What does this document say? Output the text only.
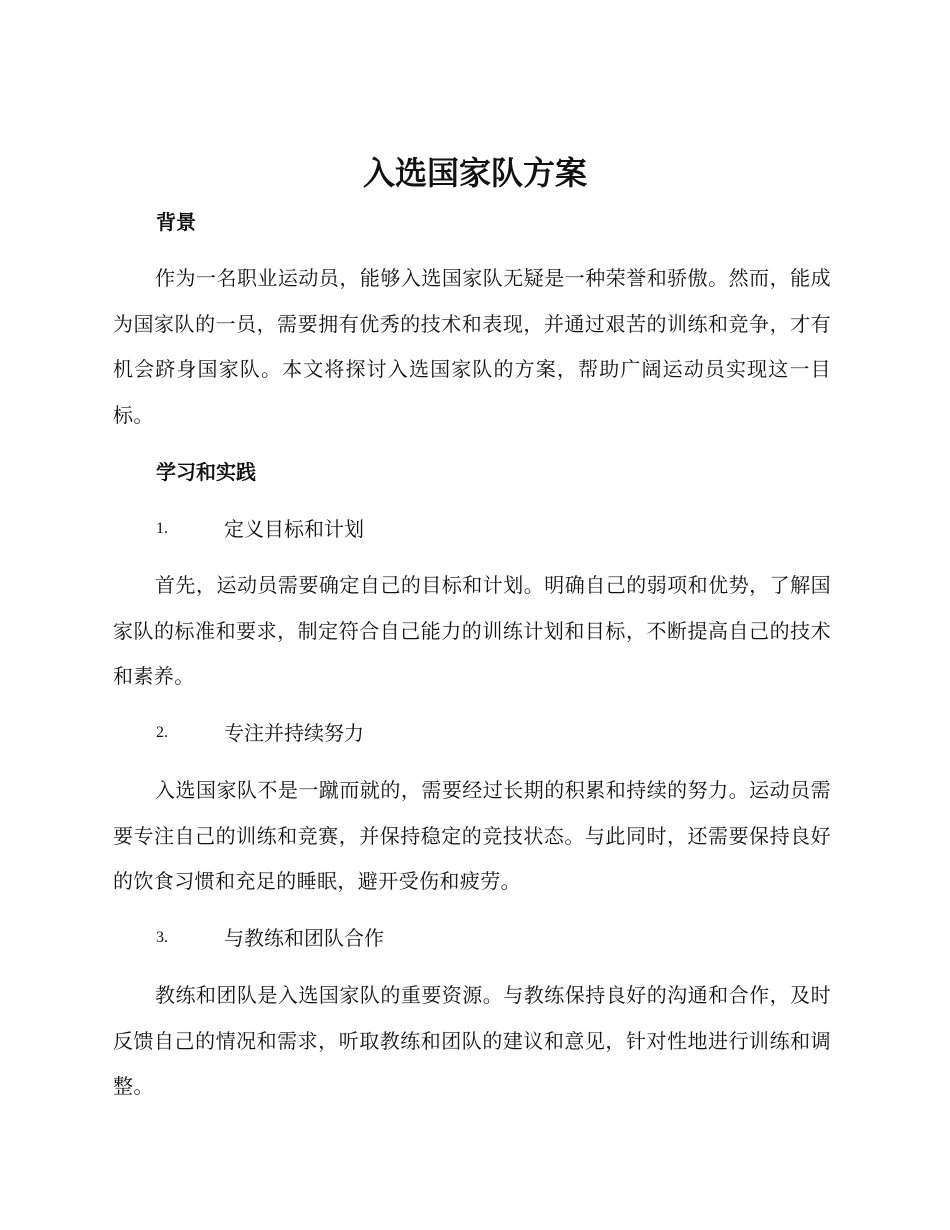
入选国家队方案
背景

作为一名职业运动员，能够入选国家队无疑是一种荣誉和骄傲。然而，能成为国家队的一员，需要拥有优秀的技术和表现，并通过艰苦的训练和竞争，才有机会跻身国家队。本文将探讨入选国家队的方案，帮助广阔运动员实现这一目标。

学习和实践
1.	定义目标和计划

首先，运动员需要确定自己的目标和计划。明确自己的弱项和优势，了解国家队的标准和要求，制定符合自己能力的训练计划和目标，不断提高自己的技术和素养。

2.	专注并持续努力

入选国家队不是一蹴而就的，需要经过长期的积累和持续的努力。运动员需要专注自己的训练和竞赛，并保持稳定的竞技状态。与此同时，还需要保持良好的饮食习惯和充足的睡眠，避开受伤和疲劳。

3.	与教练和团队合作

教练和团队是入选国家队的重要资源。与教练保持良好的沟通和合作，及时反馈自己的情况和需求，听取教练和团队的建议和意见，针对性地进行训练和调整。
